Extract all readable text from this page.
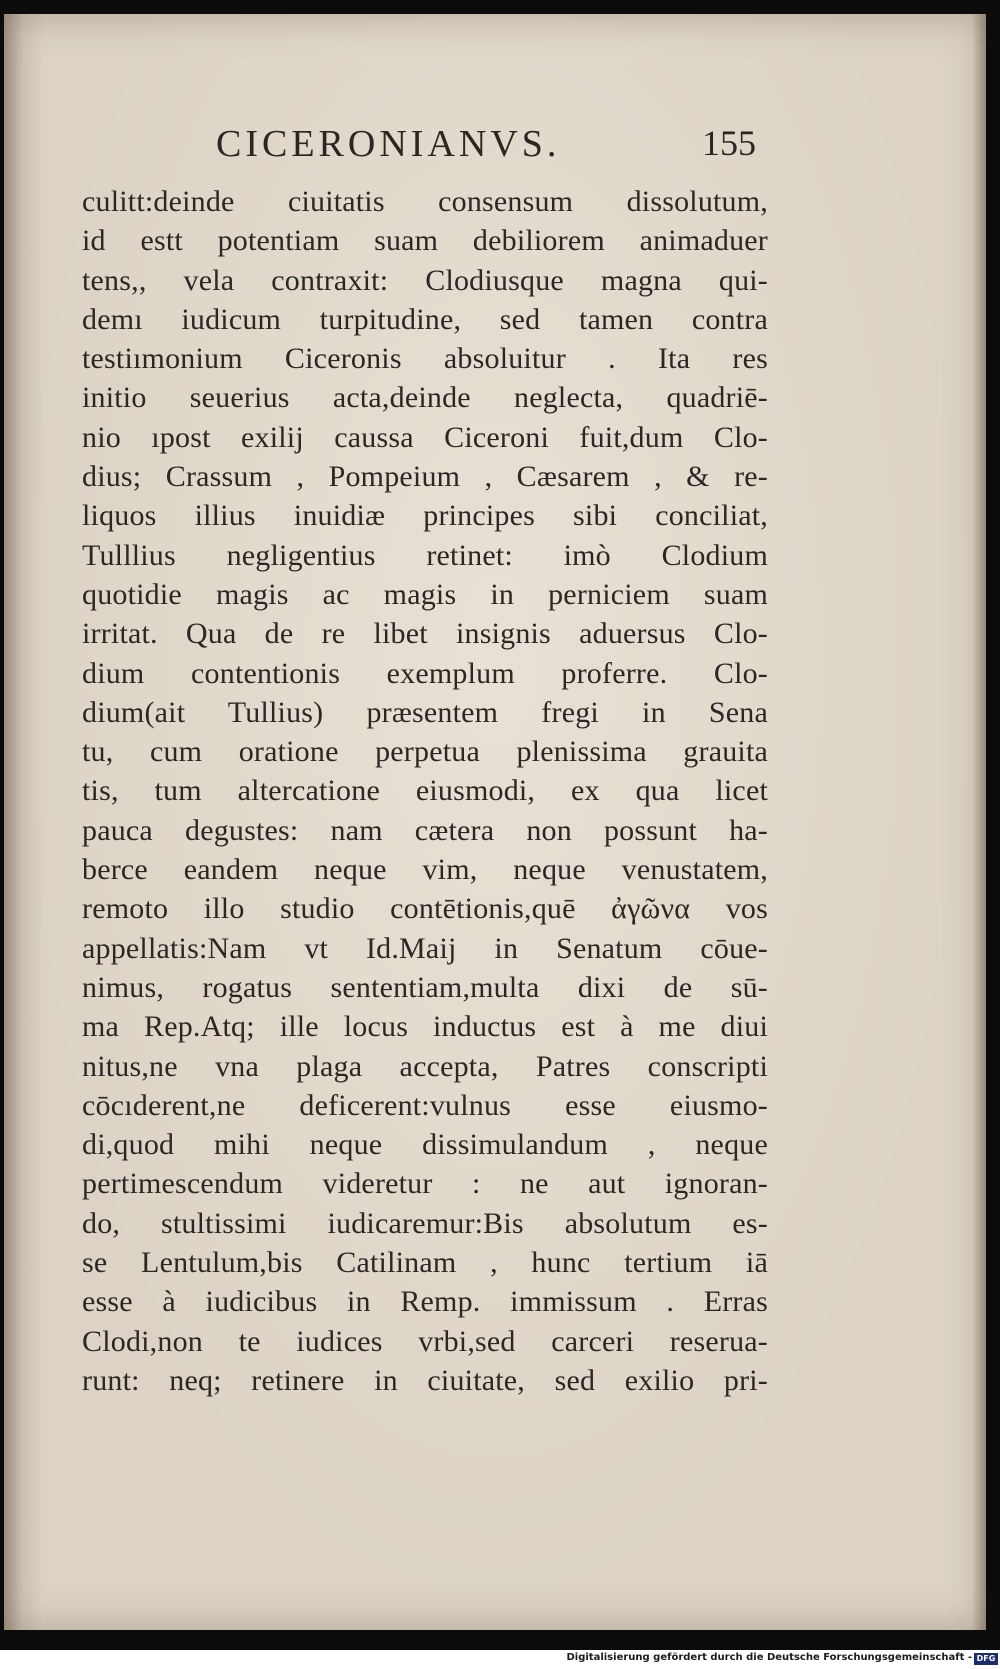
CICERONIANVS.	155
culitt:deinde ciuitatis consensum dissolutum,
id estt potentiam suam debiliorem animaduer
tens,, vela contraxit: Clodiusque magna qui-
demı iudicum turpitudine, sed tamen contra
testiımonium Ciceronis absoluitur . Ita res
initio seuerius acta,deinde neglecta, quadriē-
nio ıpost exilij caussa Ciceroni fuit,dum Clo-
dius; Crassum , Pompeium , Cæsarem , & re-
liquos illius inuidiæ principes sibi conciliat,
Tulllius negligentius retinet: imò Clodium
quotidie magis ac magis in perniciem suam
irritat. Qua de re libet insignis aduersus Clo-
dium contentionis exemplum proferre. Clo-
dium(ait Tullius) præsentem fregi in Sena
tu, cum oratione perpetua plenissima grauita
tis, tum altercatione eiusmodi, ex qua licet
pauca degustes: nam cætera non possunt ha-
berce eandem neque vim, neque venustatem,
remoto illo studio contētionis,quē ἀγῶνα vos
appellatis:Nam vt Id.Maij in Senatum cōue-
nimus, rogatus sententiam,multa dixi de sū-
ma Rep.Atq; ille locus inductus est à me diui
nitus,ne vna plaga accepta, Patres conscripti
cōcıderent,ne deficerent:vulnus esse eiusmo-
di,quod mihi neque dissimulandum , neque
pertimescendum videretur : ne aut ignoran-
do, stultissimi iudicaremur:Bis absolutum es-
se Lentulum,bis Catilinam , hunc tertium iā
esse à iudicibus in Remp. immissum . Erras
Clodi,non te iudices vrbi,sed carceri reserua-
runt: neq; retinere in ciuitate, sed exilio pri-
Digitalisierung gefördert durch die Deutsche Forschungsgemeinschaft - DFG
